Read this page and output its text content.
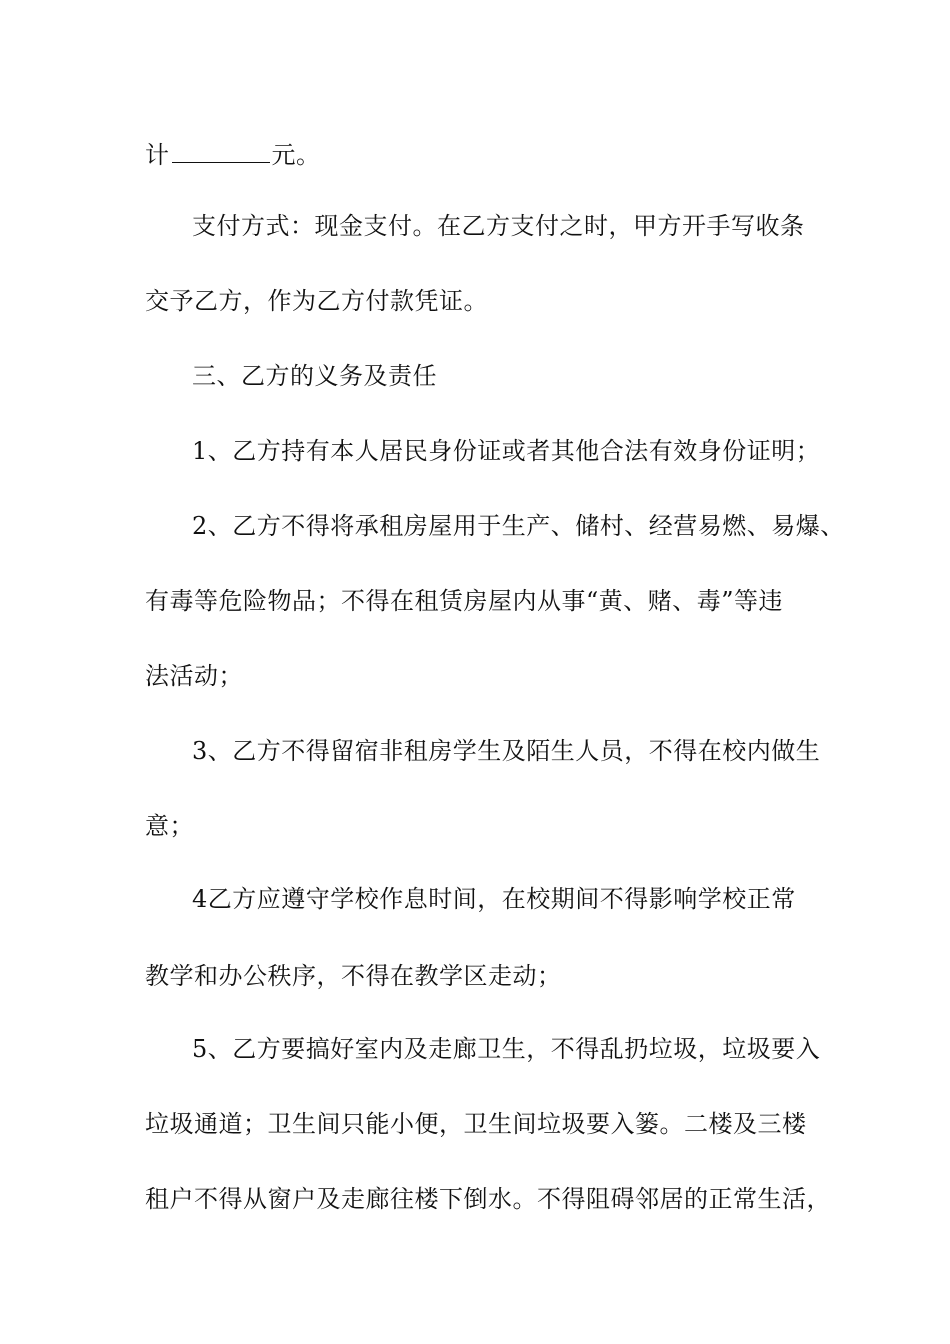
计	元。
支付方式：现金支付。在乙方支付之时，甲方开手写收条
交予乙方，作为乙方付款凭证。
三、乙方的义务及责任
1、乙方持有本人居民身份证或者其他合法有效身份证明；
2、乙方不得将承租房屋用于生产、储村、经营易燃、易爆、
有毒等危险物品；不得在租赁房屋内从事“黄、赌、毒”等违
法活动；
3、乙方不得留宿非租房学生及陌生人员，不得在校内做生
意；
4乙方应遵守学校作息时间，在校期间不得影响学校正常
教学和办公秩序，不得在教学区走动；
5、乙方要搞好室内及走廊卫生，不得乱扔垃圾，垃圾要入
垃圾通道；卫生间只能小便，卫生间垃圾要入篓。二楼及三楼
租户不得从窗户及走廊往楼下倒水。不得阻碍邻居的正常生活，
